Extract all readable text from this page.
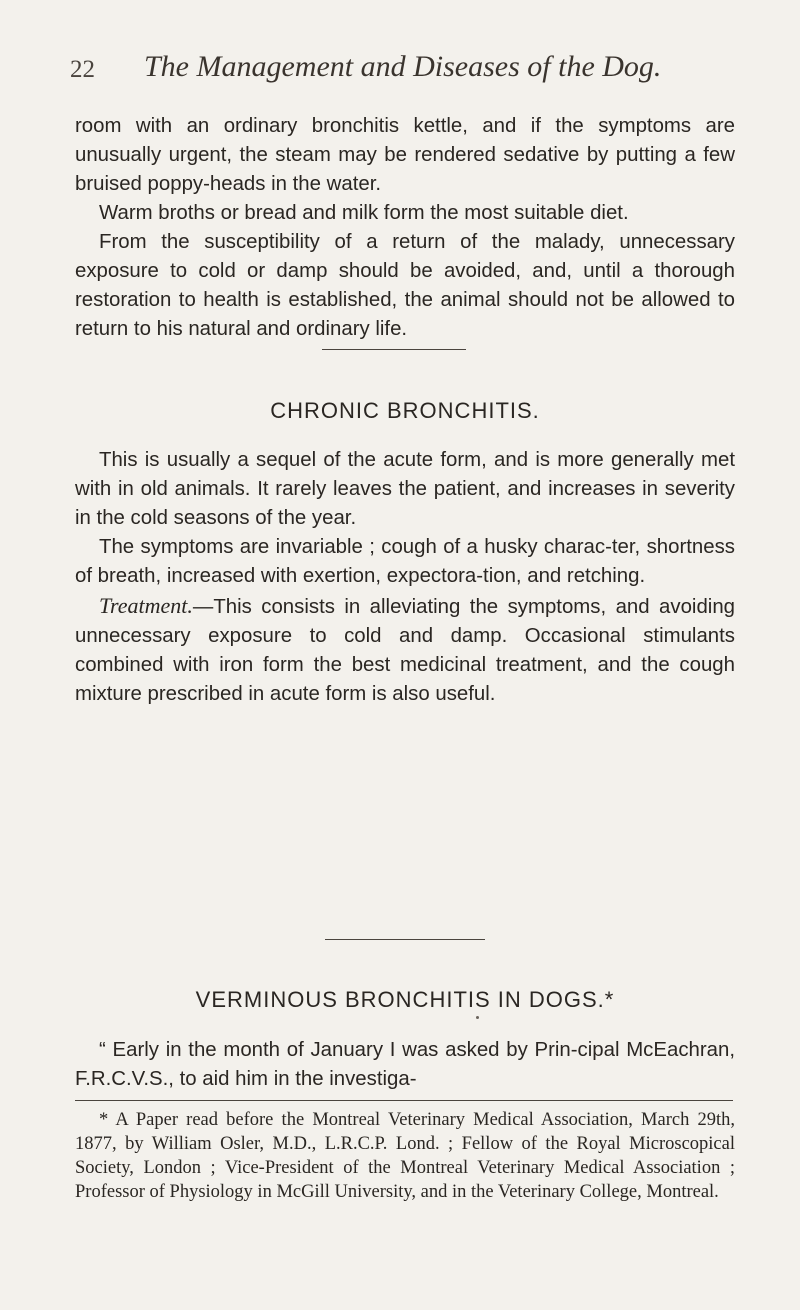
22 The Management and Diseases of the Dog.

room with an ordinary bronchitis kettle, and if the symptoms are unusually urgent, the steam may be rendered sedative by putting a few bruised poppy-heads in the water.

Warm broths or bread and milk form the most suitable diet.

From the susceptibility of a return of the malady, unnecessary exposure to cold or damp should be avoided, and, until a thorough restoration to health is established, the animal should not be allowed to return to his natural and ordinary life.

CHRONIC BRONCHITIS.

This is usually a sequel of the acute form, and is more generally met with in old animals. It rarely leaves the patient, and increases in severity in the cold seasons of the year.

The symptoms are invariable ; cough of a husky charac-ter, shortness of breath, increased with exertion, expectora-tion, and retching.

Treatment.—This consists in alleviating the symptoms, and avoiding unnecessary exposure to cold and damp. Occasional stimulants combined with iron form the best medicinal treatment, and the cough mixture prescribed in acute form is also useful.

VERMINOUS BRONCHITIS IN DOGS.*

“ Early in the month of January I was asked by Prin-cipal McEachran, F.R.C.V.S., to aid him in the investiga-

* A Paper read before the Montreal Veterinary Medical Association, March 29th, 1877, by William Osler, M.D., L.R.C.P. Lond. ; Fellow of the Royal Microscopical Society, London ; Vice-President of the Montreal Veterinary Medical Association ; Professor of Physiology in McGill University, and in the Veterinary College, Montreal.
